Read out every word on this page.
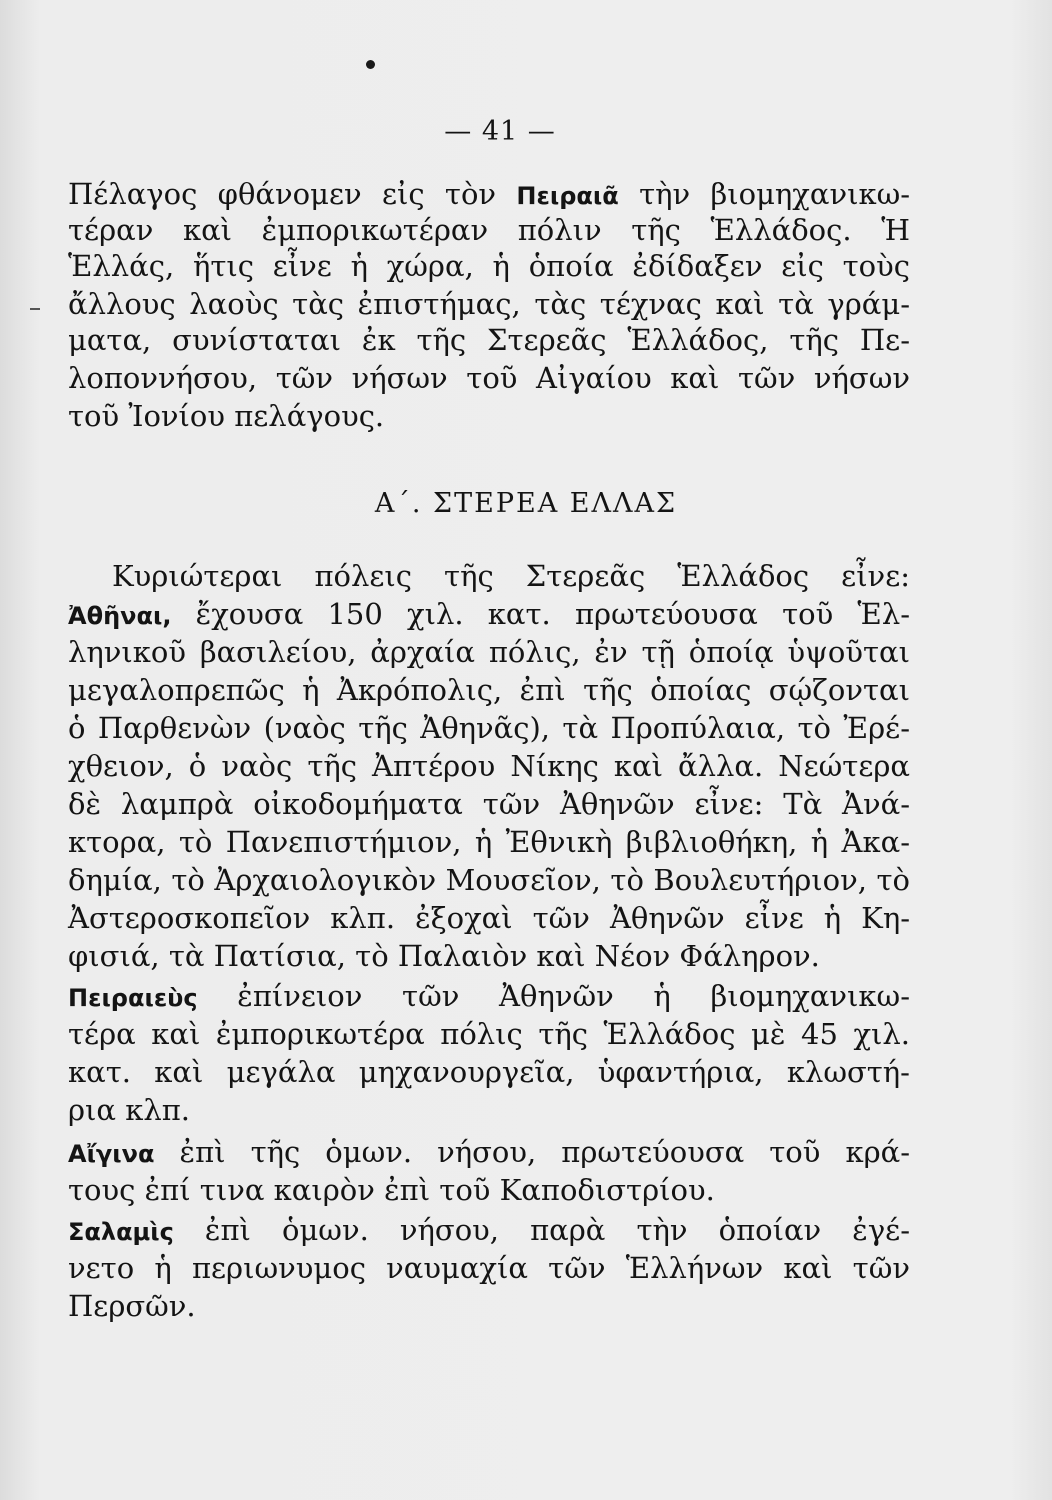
— 41 —
Πέλαγος φθάνομεν εἰς τὸν Πειραιᾶ τὴν βιομηχανικω-
τέραν καὶ ἐμπορικωτέραν πόλιν τῆς Ἑλλάδος. Ἡ
Ἑλλάς, ἥτις εἶνε ἡ χώρα, ἡ ὁποία ἐδίδαξεν εἰς τοὺς
ἄλλους λαοὺς τὰς ἐπιστήμας, τὰς τέχνας καὶ τὰ γράμ-
ματα, συνίσταται ἐκ τῆς Στερεᾶς Ἑλλάδος, τῆς Πε-
λοποννήσου, τῶν νήσων τοῦ Αἰγαίου καὶ τῶν νήσων
τοῦ Ἰονίου πελάγους.
Α΄. ΣΤΕΡΕΑ ΕΛΛΑΣ
Κυριώτεραι πόλεις τῆς Στερεᾶς Ἑλλάδος εἶνε:
Ἀθῆναι, ἔχουσα 150 χιλ. κατ. πρωτεύουσα τοῦ Ἑλ-
ληνικοῦ βασιλείου, ἀρχαία πόλις, ἐν τῇ ὁποίᾳ ὑψοῦται
μεγαλοπρεπῶς ἡ Ἀκρόπολις, ἐπὶ τῆς ὁποίας σῴζονται
ὁ Παρθενὼν (ναὸς τῆς Ἀθηνᾶς), τὰ Προπύλαια, τὸ Ἐρέ-
χθειον, ὁ ναὸς τῆς Ἀπτέρου Νίκης καὶ ἄλλα. Νεώτερα
δὲ λαμπρὰ οἰκοδομήματα τῶν Ἀθηνῶν εἶνε: Τὰ Ἀνά-
κτορα, τὸ Πανεπιστήμιον, ἡ Ἐθνικὴ βιβλιοθήκη, ἡ Ἀκα-
δημία, τὸ Ἀρχαιολογικὸν Μουσεῖον, τὸ Βουλευτήριον, τὸ
Ἀστεροσκοπεῖον κλπ. ἐξοχαὶ τῶν Ἀθηνῶν εἶνε ἡ Κη-
φισιά, τὰ Πατίσια, τὸ Παλαιὸν καὶ Νέον Φάληρον.
Πειραιεὺς ἐπίνειον τῶν Ἀθηνῶν ἡ βιομηχανικω-
τέρα καὶ ἐμπορικωτέρα πόλις τῆς Ἑλλάδος μὲ 45 χιλ.
κατ. καὶ μεγάλα μηχανουργεῖα, ὑφαντήρια, κλωστή-
ρια κλπ.
Αἴγινα ἐπὶ τῆς ὁμων. νήσου, πρωτεύουσα τοῦ κρά-
τους ἐπί τινα καιρὸν ἐπὶ τοῦ Καποδιστρίου.
Σαλαμὶς ἐπὶ ὁμων. νήσου, παρὰ τὴν ὁποίαν ἐγέ-
νετο ἡ περιωνυμος ναυμαχία τῶν Ἑλλήνων καὶ τῶν
Περσῶν.
